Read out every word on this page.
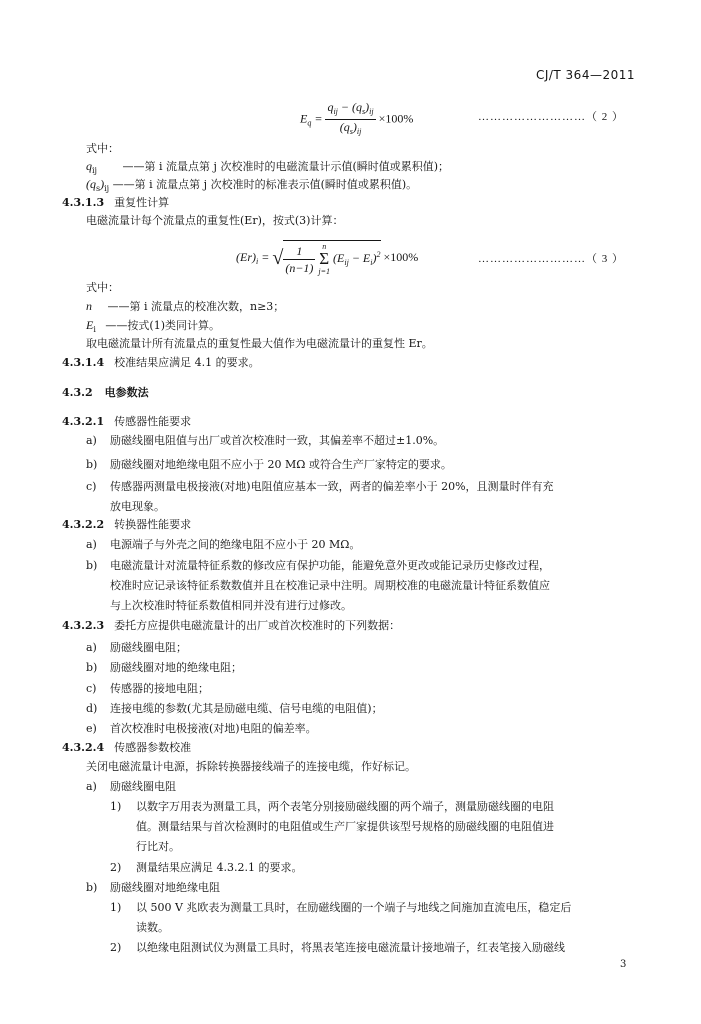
CJ/T 364—2011
$E_q = \frac{q_{ij} - (q_s)_{ij}}{(q_s)_{ij}} \times 100\%$	………………………（ 2 ）
式中：
$q_{ij}$ ——第 i 流量点第 j 次校准时的电磁流量计示值(瞬时值或累积值)；
$(q_s)_{ij}$ ——第 i 流量点第 j 次校准时的标准表示值(瞬时值或累积值)。
4.3.1.3 重复性计算
电磁流量计每个流量点的重复性(Er)，按式(3)计算：
$(Er)_i$ = √ $\frac{1}{(n-1)}$
n
Σ
j=1
$(E_{ij} - E_i)^2 \times 100\%$	………………………（ 3 ）
式中：
n ——第 i 流量点的校准次数，n≥3；
$E_i$ ——按式(1)类同计算。
取电磁流量计所有流量点的重复性最大值作为电磁流量计的重复性 Er。
4.3.1.4 校准结果应满足 4.1 的要求。
4.3.2 电参数法
4.3.2.1 传感器性能要求
a) 励磁线圈电阻值与出厂或首次校准时一致，其偏差率不超过±1.0%。
b) 励磁线圈对地绝缘电阻不应小于 20 MΩ 或符合生产厂家特定的要求。
c) 传感器两测量电极接液(对地)电阻值应基本一致，两者的偏差率小于 20%，且测量时伴有充
放电现象。
4.3.2.2 转换器性能要求
a) 电源端子与外壳之间的绝缘电阻不应小于 20 MΩ。
b) 电磁流量计对流量特征系数的修改应有保护功能，能避免意外更改或能记录历史修改过程，
校准时应记录该特征系数数值并且在校准记录中注明。周期校准的电磁流量计特征系数值应
与上次校准时特征系数值相同并没有进行过修改。
4.3.2.3 委托方应提供电磁流量计的出厂或首次校准时的下列数据：
a) 励磁线圈电阻；
b) 励磁线圈对地的绝缘电阻；
c) 传感器的接地电阻；
d) 连接电缆的参数(尤其是励磁电缆、信号电缆的电阻值)；
e) 首次校准时电极接液(对地)电阻的偏差率。
4.3.2.4 传感器参数校准
关闭电磁流量计电源，拆除转换器接线端子的连接电缆，作好标记。
a) 励磁线圈电阻
1) 以数字万用表为测量工具，两个表笔分别接励磁线圈的两个端子，测量励磁线圈的电阻
值。测量结果与首次检测时的电阻值或生产厂家提供该型号规格的励磁线圈的电阻值进
行比对。
2) 测量结果应满足 4.3.2.1 的要求。
b) 励磁线圈对地绝缘电阻
1) 以 500 V 兆欧表为测量工具时，在励磁线圈的一个端子与地线之间施加直流电压，稳定后
读数。
2) 以绝缘电阻测试仪为测量工具时，将黑表笔连接电磁流量计接地端子，红表笔接入励磁线
3
